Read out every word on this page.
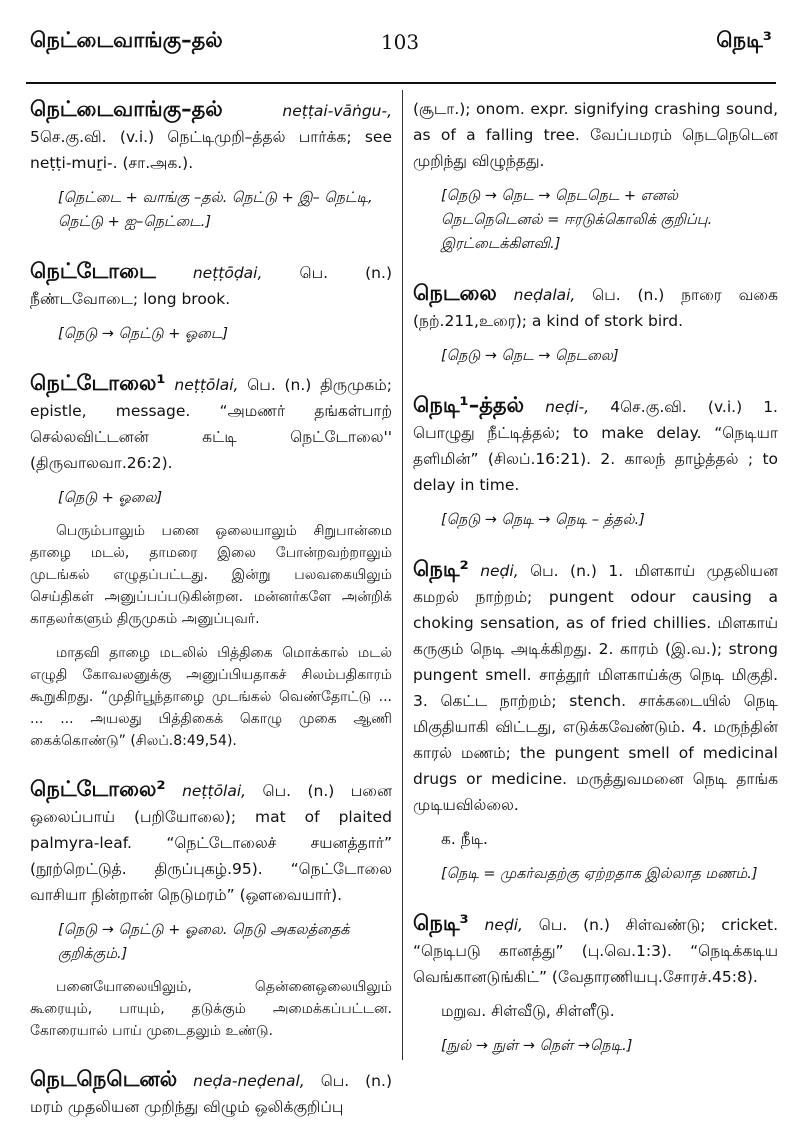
நெட்டைவாங்கு–தல்	103	நெடி³
நெட்டைவாங்கு–தல்	neṭṭai-vāṅgu-, 5செ.கு.வி. (v.i.) நெட்டிமுறி–த்தல் பார்க்க; see neṭṭi-muṟi-. (சா.அக.).
[நெட்டை + வாங்கு –தல். நெட்டு + இ– நெட்டி, நெட்டு + ஐ–நெட்டை.]
நெட்டோடை neṭṭōḍai, பெ. (n.) நீண்டவோடை; long brook.
[நெடு → நெட்டு + ஓடை]
நெட்டோலை¹ neṭṭōlai, பெ. (n.) திருமுகம்; epistle, message. “அமணர் தங்கள்பாற் செல்லவிட்டனன் கட்டி நெட்டோலை'' (திருவாலவா.26:2).
[நெடு + ஓலை]
பெரும்பாலும் பனை ஒலையாலும் சிறுபான்மை தாழை மடல், தாமரை இலை போன்றவற்றாலும் முடங்கல் எழுதப்பட்டது. இன்று பலவகையிலும் செய்திகள் அனுப்பப்படுகின்றன. மன்னர்களே அன்றிக் காதலர்களும் திருமுகம் அனுப்புவர்.
மாதவி தாழை மடலில் பித்திகை மொக்கால் மடல் எழுதி கோவலனுக்கு அனுப்பியதாகச் சிலம்பதிகாரம் கூறுகிறது. “முதிர்பூந்தாழை முடங்கல் வெண்தோட்டு ... ... ... அயலது பித்திகைக் கொழு முகை ஆணி கைக்கொண்டு” (சிலப்.8:49,54).
நெட்டோலை² neṭṭōlai, பெ. (n.) பனை ஒலைப்பாய் (பறியோலை); mat of plaited palmyra-leaf. “நெட்டோலைச் சயனத்தார்” (நூற்றெட்டுத். திருப்புகழ்.95). “நெட்டோலை வாசியா நின்றான் நெடுமரம்” (ஔவையார்).
[நெடு → நெட்டு + ஓலை. நெடு அகலத்தைக் குறிக்கும்.]
பனையோலையிலும், தென்னைஒலையிலும் கூரையும், பாயும், தடுக்கும் அமைக்கப்பட்டன. கோரையால் பாய் முடைதலும் உண்டு.
நெடநெடெனல் neḍa-neḍenal, பெ. (n.) மரம் முதலியன முறிந்து விழும் ஒலிக்குறிப்பு
(சூடா.); onom. expr. signifying crashing sound, as of a falling tree. வேப்பமரம் நெடநெடென முறிந்து விழுந்தது.
[நெடு → நெட → நெடநெட + எனல் நெடநெடெனல் = ஈரடுக்கொலிக் குறிப்பு. இரட்டைக்கிளவி.]
நெடலை neḍalai, பெ. (n.) நாரை வகை (நற்.211,உரை); a kind of stork bird.
[நெடு → நெட → நெடலை]
நெடி¹–த்தல் neḍi-, 4செ.கு.வி. (v.i.) 1. பொழுது நீட்டித்தல்; to make delay. “நெடியா தளிமின்” (சிலப்.16:21). 2. காலந் தாழ்த்தல் ; to delay in time.
[நெடு → நெடி → நெடி – த்தல்.]
நெடி² neḍi, பெ. (n.) 1. மிளகாய் முதலியன கமறல் நாற்றம்; pungent odour causing a choking sensation, as of fried chillies. மிளகாய் கருகும் நெடி அடிக்கிறது. 2. காரம் (இ.வ.); strong pungent smell. சாத்தூர் மிளகாய்க்கு நெடி மிகுதி. 3. கெட்ட நாற்றம்; stench. சாக்கடையில் நெடி மிகுதியாகி விட்டது, எடுக்கவேண்டும். 4. மருந்தின் காரல் மணம்; the pungent smell of medicinal drugs or medicine. மருத்துவமனை நெடி தாங்க முடியவில்லை.
க. நீடி.
[நெடி = முகர்வதற்கு ஏற்றதாக இல்லாத மணம்.]
நெடி³ neḍi, பெ. (n.) சிள்வண்டு; cricket. “நெடிபடு கானத்து” (பு.வெ.1:3). “நெடிக்கடிய வெங்கானடுங்கிட்” (வேதாரணியபு.சோரச்.45:8).
மறுவ. சிள்வீடு, சிள்ளீடு.
[நுல் → நுள் → நெள் →நெடி.]
